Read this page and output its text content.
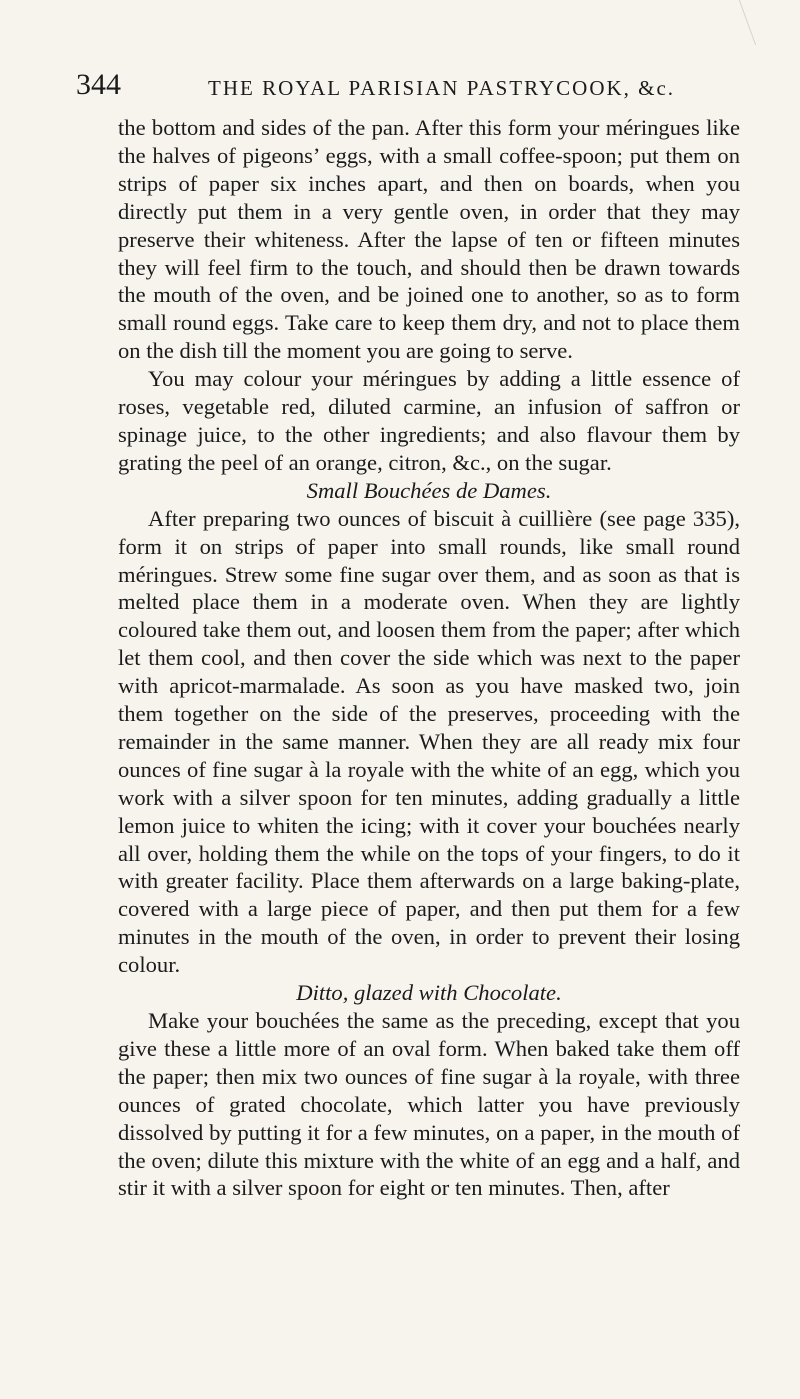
344	THE ROYAL PARISIAN PASTRYCOOK, &c.

the bottom and sides of the pan. After this form your méringues like the halves of pigeons’ eggs, with a small coffee-spoon; put them on strips of paper six inches apart, and then on boards, when you directly put them in a very gentle oven, in order that they may preserve their whiteness. After the lapse of ten or fifteen minutes they will feel firm to the touch, and should then be drawn towards the mouth of the oven, and be joined one to another, so as to form small round eggs. Take care to keep them dry, and not to place them on the dish till the moment you are going to serve.

You may colour your méringues by adding a little essence of roses, vegetable red, diluted carmine, an infusion of saffron or spinage juice, to the other ingredients; and also flavour them by grating the peel of an orange, citron, &c., on the sugar.

Small Bouchées de Dames.

After preparing two ounces of biscuit à cuillière (see page 335), form it on strips of paper into small rounds, like small round méringues. Strew some fine sugar over them, and as soon as that is melted place them in a moderate oven. When they are lightly coloured take them out, and loosen them from the paper; after which let them cool, and then cover the side which was next to the paper with apricot-marmalade. As soon as you have masked two, join them together on the side of the preserves, proceeding with the remainder in the same manner. When they are all ready mix four ounces of fine sugar à la royale with the white of an egg, which you work with a silver spoon for ten minutes, adding gradually a little lemon juice to whiten the icing; with it cover your bouchées nearly all over, holding them the while on the tops of your fingers, to do it with greater facility. Place them afterwards on a large baking-plate, covered with a large piece of paper, and then put them for a few minutes in the mouth of the oven, in order to prevent their losing colour.

Ditto, glazed with Chocolate.

Make your bouchées the same as the preceding, except that you give these a little more of an oval form. When baked take them off the paper; then mix two ounces of fine sugar à la royale, with three ounces of grated chocolate, which latter you have previously dissolved by putting it for a few minutes, on a paper, in the mouth of the oven; dilute this mixture with the white of an egg and a half, and stir it with a silver spoon for eight or ten minutes. Then, after
